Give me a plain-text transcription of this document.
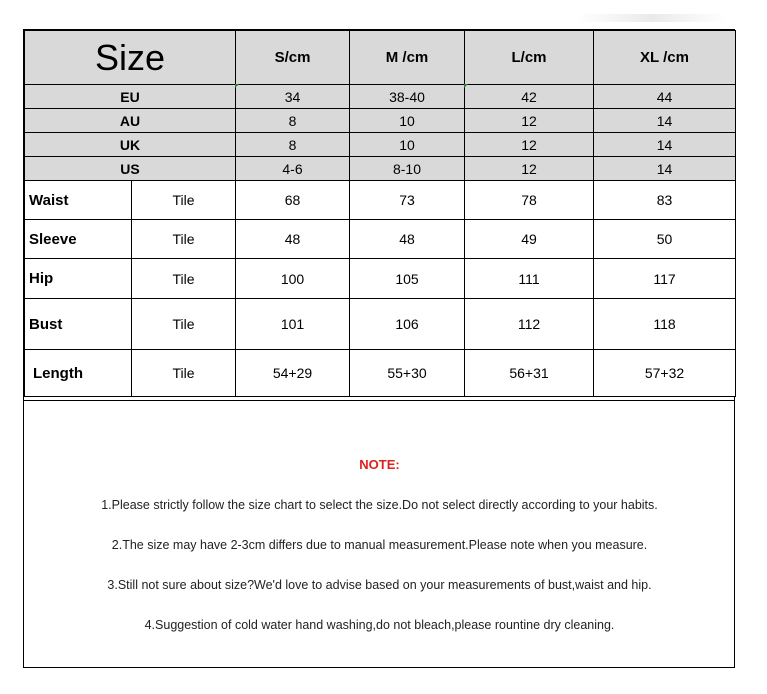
Size		S/cm	M /cm	L/cm	XL /cm
EU		34	38-40	42	44
AU		8	10	12	14
UK		8	10	12	14
US		4-6	8-10	12	14
Waist	Tile	68	73	78	83
Sleeve	Tile	48	48	49	50
Hip	Tile	100	105	111	117
Bust	Tile	101	106	112	118
Length	Tile	54+29	55+30	56+31	57+32
NOTE:
1.Please strictly follow the size chart to select the size.Do not select directly according to your habits.
2.The size may have 2-3cm differs due to manual measurement.Please note when you measure.
3.Still not sure about size?We'd love to advise based on your measurements of bust,waist and hip.
4.Suggestion of cold water hand washing,do not bleach,please rountine dry cleaning.
